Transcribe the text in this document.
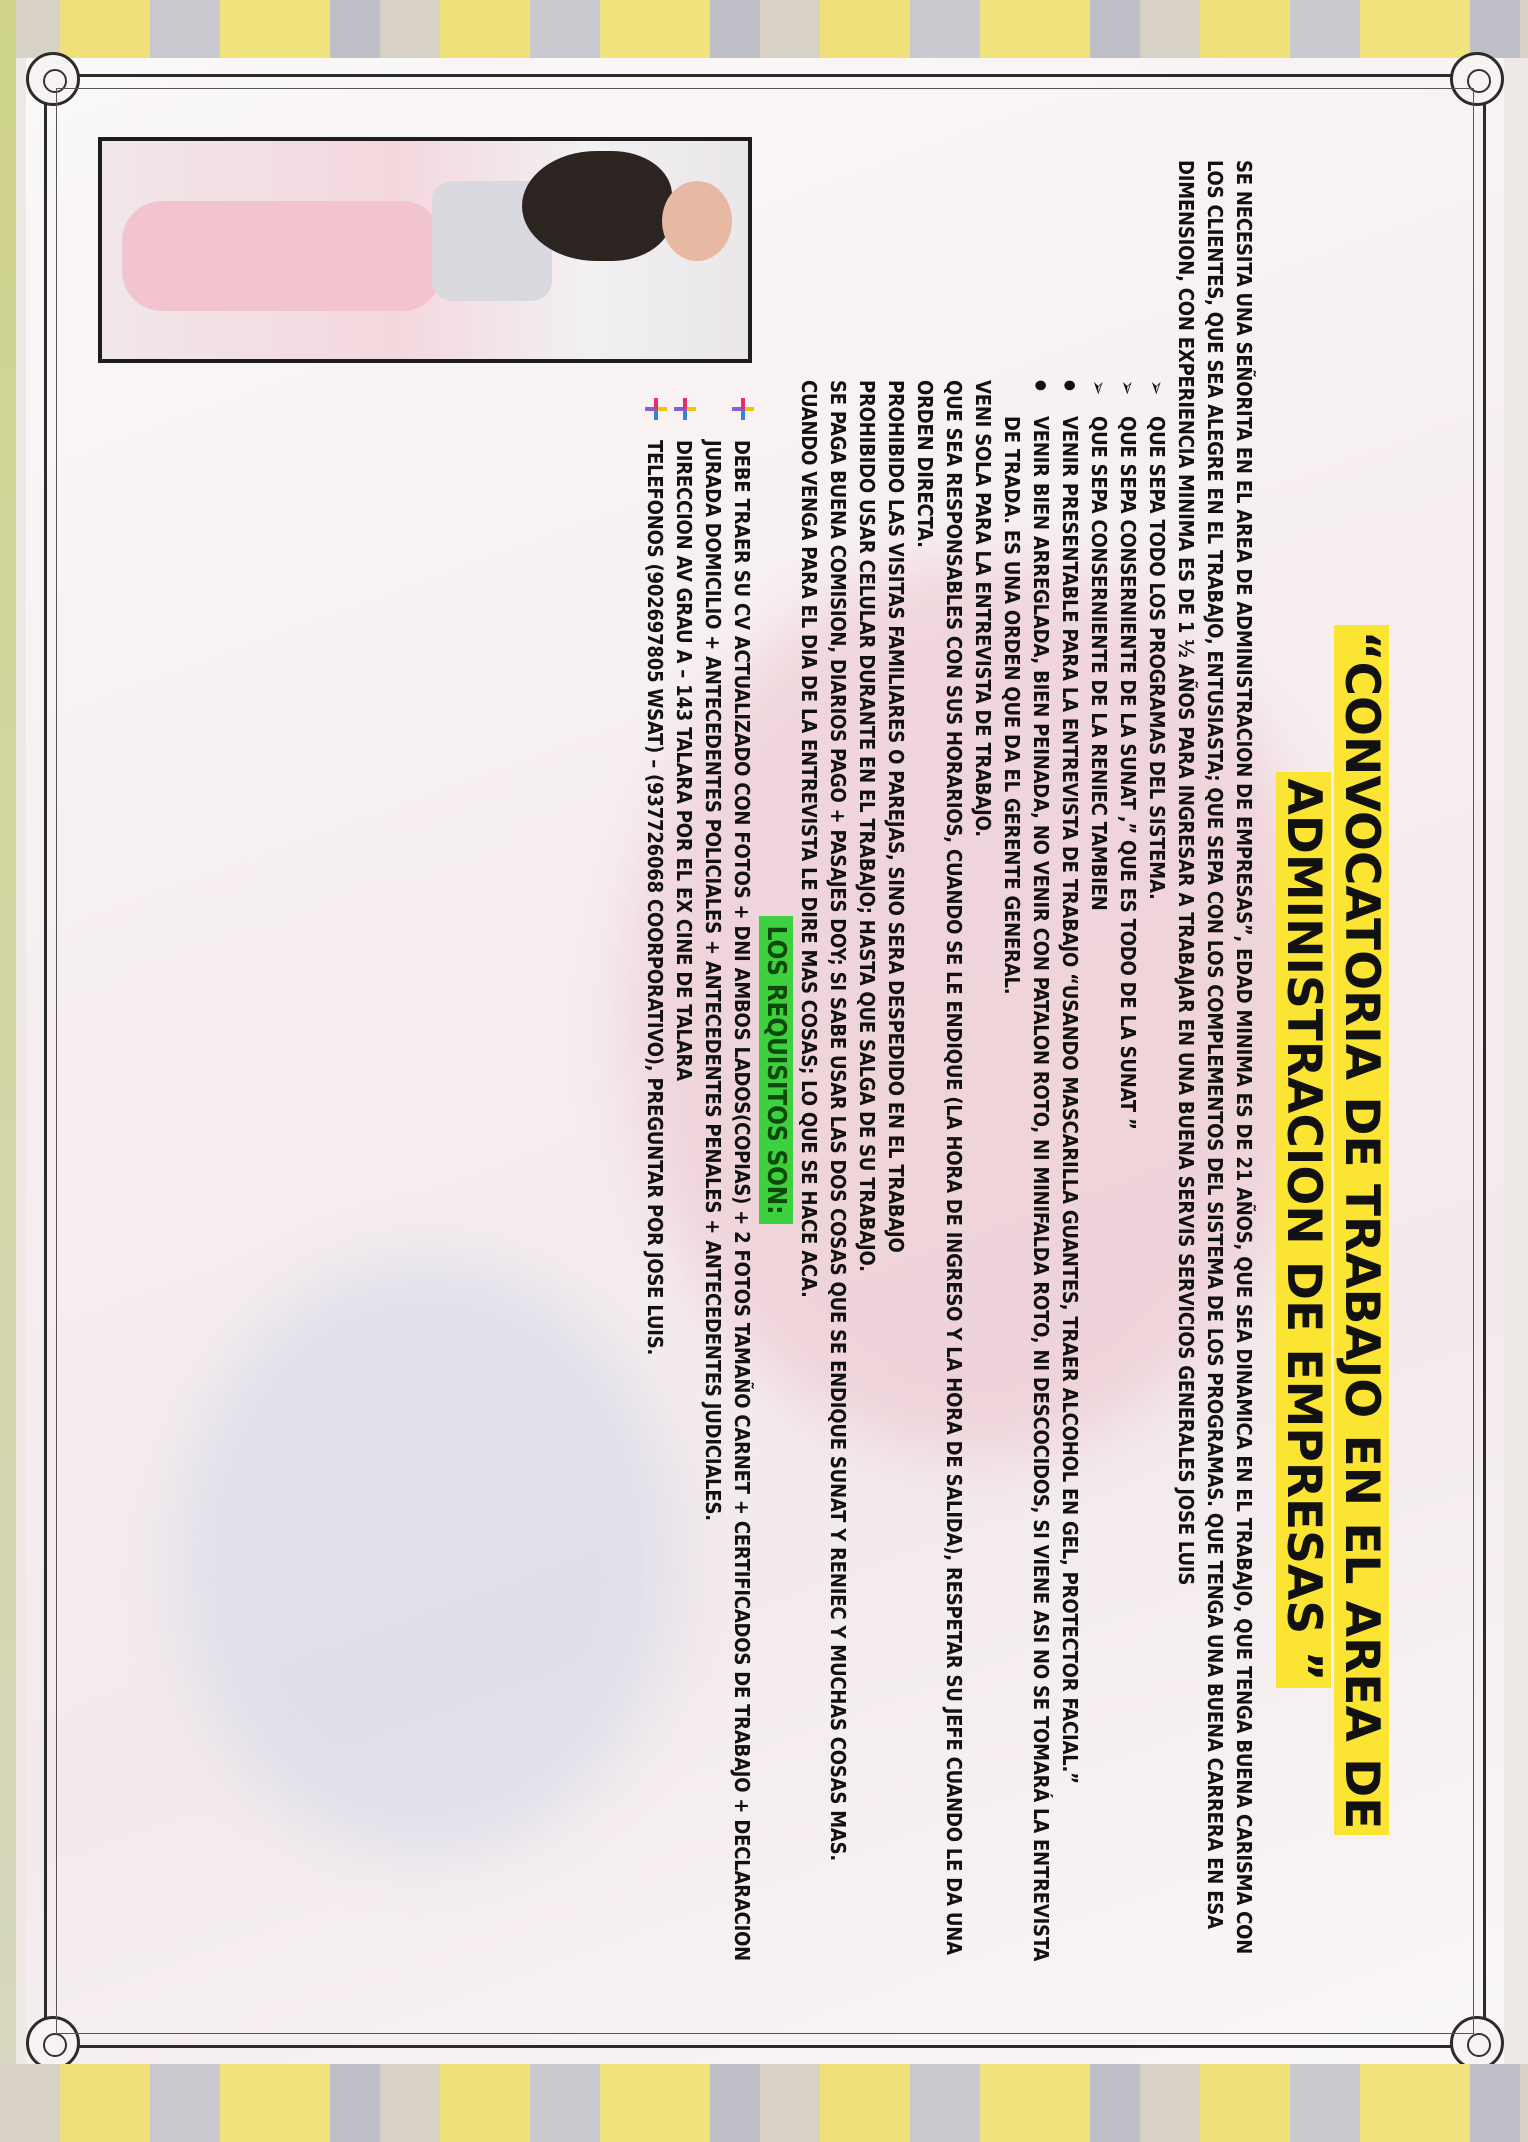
“CONVOCATORIA DE TRABAJO EN EL AREA DE ADMINISTRACION DE EMPRESAS ”

SE NECESITA UNA SEÑORITA EN EL AREA DE ADMINISTRACION DE EMPRESAS”, EDAD MINIMA ES DE 21 AÑOS, QUE SEA DINAMICA EN EL TRABAJO, QUE TENGA BUENA CARISMA CON LOS CLIENTES, QUE SEA ALEGRE EN EL TRABAJO, ENTUSIASTA; QUE SEPA CON LOS COMPLEMENTOS DEL SISTEMA DE LOS PROGRAMAS. QUE TENGA UNA BUENA CARRERA EN ESA DIMENSION, CON EXPERIENCIA MINIMA ES DE 1 ½ AÑOS PARA INGRESAR A TRABAJAR EN UNA BUENA SERVIS SERVICIOS GENERALES JOSE LUIS

➢ QUE SEPA TODO LOS PROGRAMAS DEL SISTEMA.
➢ QUE SEPA CONSERNIENTE DE LA SUNAT ,” QUE ES TODO DE LA SUNAT ”
➢ QUE SEPA CONSERNIENTE DE LA RENIEC TAMBIEN
● VENIR PRESENTABLE PARA LA ENTREVISTA DE TRABAJO “USANDO MASCARILLA GUANTES, TRAER ALCOHOL EN GEL, PROTECTOR FACIAL.”
● VENIR BIEN ARREGLADA, BIEN PEINADA, NO VENIR CON PATALON ROTO, NI MINIFALDA ROTO, NI DESCOCIDOS, SI VIENE ASI NO SE TOMARÁ LA ENTREVISTA DE TRADA. ES UNA ORDEN QUE DA EL GERENTE GENERAL.

VENI SOLA PARA LA ENTREVISTA DE TRABAJO.

QUE SEA RESPONSABLES CON SUS HORARIOS, CUANDO SE LE ENDIQUE (LA HORA DE INGRESO Y LA HORA DE SALIDA), RESPETAR SU JEFE CUANDO LE DA UNA ORDEN DIRECTA.

PROHIBIDO LAS VISITAS FAMILIARES O PAREJAS, SINO SERA DESPEDIDO EN EL TRABAJO

PROHIBIDO USAR CELULAR DURANTE EN EL TRABAJO; HASTA QUE SALGA DE SU TRABAJO.

SE PAGA BUENA COMISION, DIARIOS PAGO + PASAJES DOY; SI SABE USAR LAS DOS COSAS QUE SE ENDIQUE SUNAT Y RENIEC Y MUCHAS COSAS MAS.

CUANDO VENGA PARA EL DIA DE LA ENTREVISTA LE DIRE MAS COSAS; LO QUE SE HACE ACA.

LOS REQUISITOS SON:
DEBE TRAER SU CV ACTUALIZADO CON FOTOS + DNI AMBOS LADOS(COPIAS) + 2 FOTOS TAMAÑO CARNET + CERTIFICADOS DE TRABAJO + DECLARACION JURADA DOMICILIO + ANTECEDENTES POLICIALES + ANTECEDENTES PENALES + ANTECEDENTES JUDICIALES.
DIRECCION AV GRAU A – 143 TALARA POR EL EX CINE DE TALARA
TELEFONOS (902697805 WSAT) – (937726068 COORPORATIVO), PREGUNTAR POR JOSE LUIS.
